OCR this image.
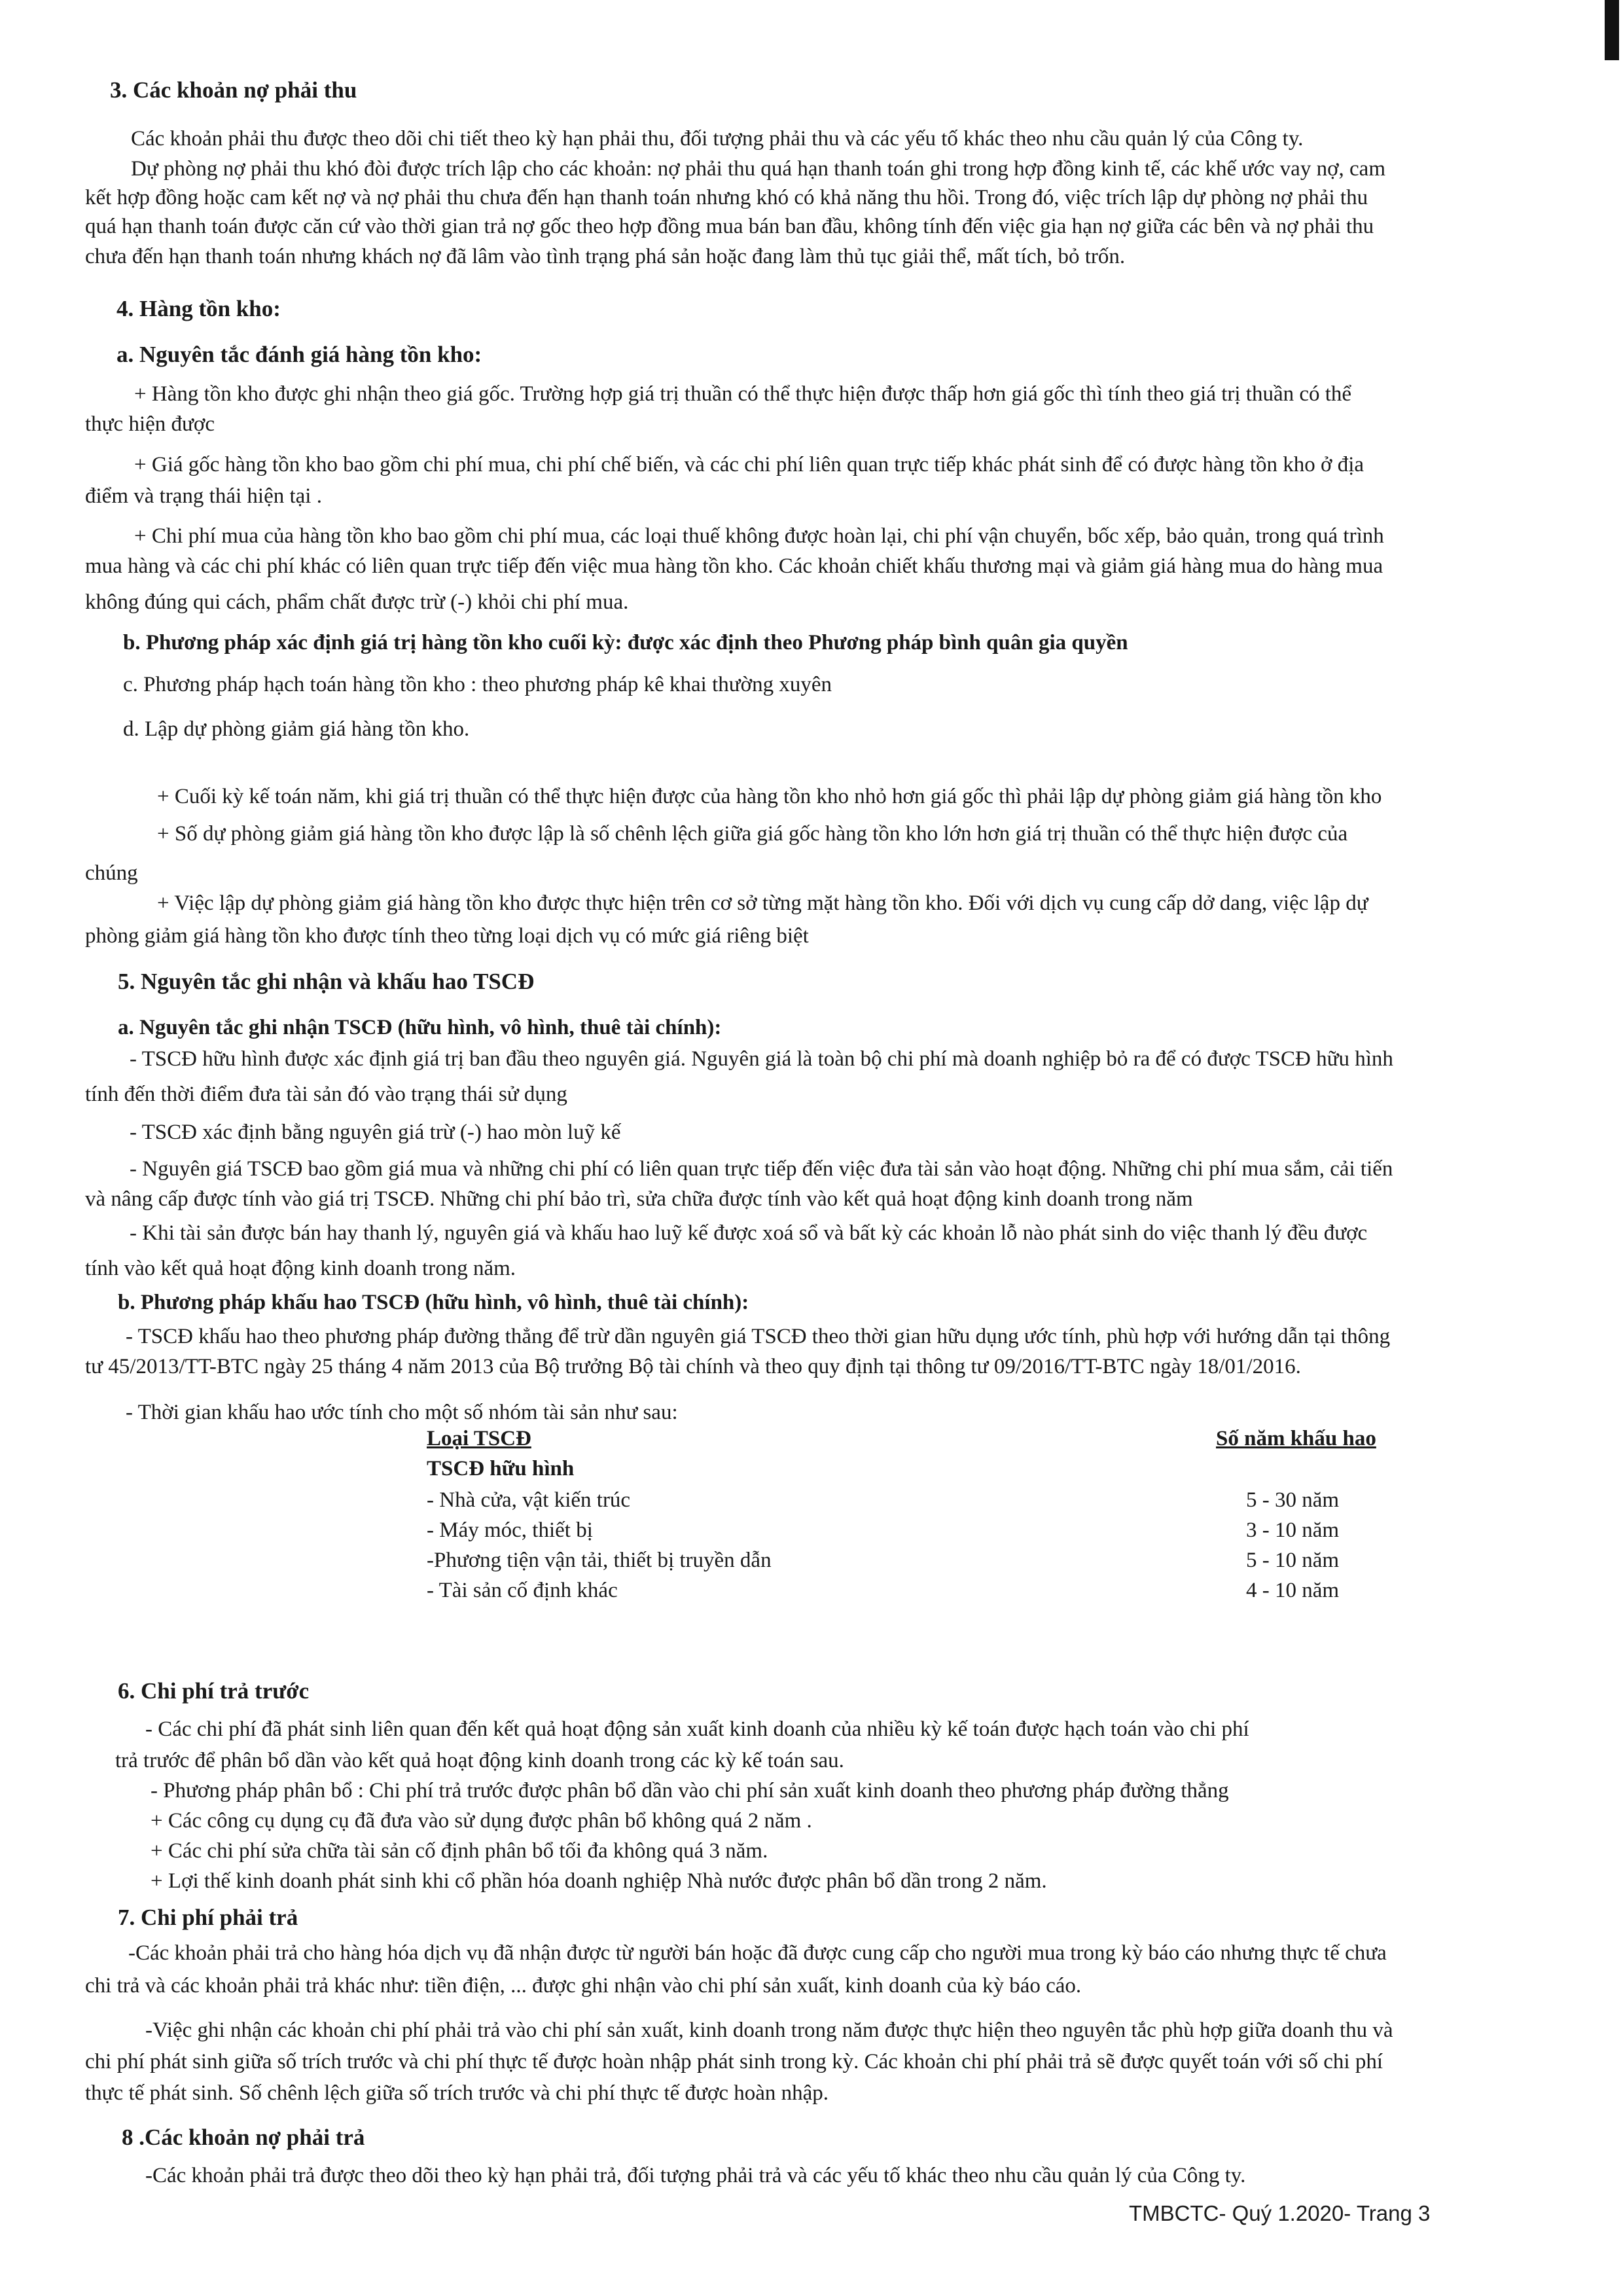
3. Các khoản nợ phải thu
Các khoản phải thu được theo dõi chi tiết theo kỳ hạn phải thu, đối tượng phải thu và các yếu tố khác theo nhu cầu quản lý của Công ty.
Dự phòng nợ phải thu khó đòi được trích lập cho các khoản: nợ phải thu quá hạn thanh toán ghi trong hợp đồng kinh tế, các khế ước vay nợ, cam
kết hợp đồng hoặc cam kết nợ và nợ phải thu chưa đến hạn thanh toán nhưng khó có khả năng thu hồi. Trong đó, việc trích lập dự phòng nợ phải thu
quá hạn thanh toán được căn cứ vào thời gian trả nợ gốc theo hợp đồng mua bán ban đầu, không tính đến việc gia hạn nợ giữa các bên và nợ phải thu
chưa đến hạn thanh toán nhưng khách nợ đã lâm vào tình trạng phá sản hoặc đang làm thủ tục giải thể, mất tích, bỏ trốn.
4. Hàng tồn kho:
a. Nguyên tắc đánh giá hàng tồn kho:
+ Hàng tồn kho được ghi nhận theo giá gốc. Trường hợp giá trị thuần có thể thực hiện được thấp hơn giá gốc thì tính theo giá trị thuần có thể
thực hiện được
+ Giá gốc hàng tồn kho bao gồm chi phí mua, chi phí chế biến, và các chi phí liên quan trực tiếp khác phát sinh để có được hàng tồn kho ở địa
điểm và trạng thái hiện tại .
+ Chi phí mua của hàng tồn kho bao gồm chi phí mua, các loại thuế không được hoàn lại, chi phí vận chuyển, bốc xếp, bảo quản, trong quá trình
mua hàng và các chi phí khác có liên quan trực tiếp đến việc mua hàng tồn kho. Các khoản chiết khấu thương mại và giảm giá hàng mua do hàng mua
không đúng qui cách, phẩm chất được trừ (-) khỏi chi phí mua.
b. Phương pháp xác định giá trị hàng tồn kho cuối kỳ: được xác định theo Phương pháp bình quân gia quyền
c. Phương pháp hạch toán hàng tồn kho : theo phương pháp kê khai thường xuyên
d. Lập dự phòng giảm giá hàng tồn kho.
+ Cuối kỳ kế toán năm, khi giá trị thuần có thể thực hiện được của hàng tồn kho nhỏ hơn giá gốc thì phải lập dự phòng giảm giá hàng tồn kho
+ Số dự phòng giảm giá hàng tồn kho được lập là số chênh lệch giữa giá gốc hàng tồn kho lớn hơn giá trị thuần có thể thực hiện được của
chúng
+ Việc lập dự phòng giảm giá hàng tồn kho được thực hiện trên cơ sở từng mặt hàng tồn kho. Đối với dịch vụ cung cấp dở dang, việc lập dự
phòng giảm giá hàng tồn kho được tính theo từng loại dịch vụ có mức giá riêng biệt
5. Nguyên tắc ghi nhận và khấu hao TSCĐ
a. Nguyên tắc ghi nhận TSCĐ (hữu hình, vô hình, thuê tài chính):
- TSCĐ hữu hình được xác định giá trị ban đầu theo nguyên giá. Nguyên giá là toàn bộ chi phí mà doanh nghiệp bỏ ra để có được TSCĐ hữu hình
tính đến thời điểm đưa tài sản đó vào trạng thái sử dụng
- TSCĐ xác định bằng nguyên giá trừ (-) hao mòn luỹ kế
- Nguyên giá TSCĐ bao gồm giá mua và những chi phí có liên quan trực tiếp đến việc đưa tài sản vào hoạt động. Những chi phí mua sắm, cải tiến
và nâng cấp được tính vào giá trị TSCĐ. Những chi phí bảo trì, sửa chữa được tính vào kết quả hoạt động kinh doanh trong năm
- Khi tài sản được bán hay thanh lý, nguyên giá và khấu hao luỹ kế được xoá sổ và bất kỳ các khoản lỗ nào phát sinh do việc thanh lý đều được
tính vào kết quả hoạt động kinh doanh trong năm.
b. Phương pháp khấu hao TSCĐ (hữu hình, vô hình, thuê tài chính):
- TSCĐ khấu hao theo phương pháp đường thẳng để trừ dần nguyên giá TSCĐ theo thời gian hữu dụng ước tính, phù hợp với hướng dẫn tại thông
tư 45/2013/TT-BTC ngày 25 tháng 4 năm 2013 của Bộ trưởng Bộ tài chính và theo quy định tại thông tư 09/2016/TT-BTC ngày 18/01/2016.
- Thời gian khấu hao ước tính cho một số nhóm tài sản như sau:
Loại TSCĐ	Số năm khấu hao
TSCĐ hữu hình
- Nhà cửa, vật kiến trúc	5 - 30 năm
- Máy móc, thiết bị	3 - 10 năm
-Phương tiện vận tải, thiết bị truyền dẫn	5 - 10 năm
- Tài sản cố định khác	4 - 10 năm
6. Chi phí trả trước
- Các chi phí đã phát sinh liên quan đến kết quả hoạt động sản xuất kinh doanh của nhiều kỳ kế toán được hạch toán vào chi phí
trả trước để phân bổ dần vào kết quả hoạt động kinh doanh trong các kỳ kế toán sau.
- Phương pháp phân bổ : Chi phí trả trước được phân bổ dần vào chi phí sản xuất kinh doanh theo phương pháp đường thẳng
+ Các công cụ dụng cụ đã đưa vào sử dụng được phân bổ không quá 2 năm .
+ Các chi phí sửa chữa tài sản cố định phân bổ tối đa không quá 3 năm.
+ Lợi thế kinh doanh phát sinh khi cổ phần hóa doanh nghiệp Nhà nước được phân bổ dần trong 2 năm.
7. Chi phí phải trả
-Các khoản phải trả cho hàng hóa dịch vụ đã nhận được từ người bán hoặc đã được cung cấp cho người mua trong kỳ báo cáo nhưng thực tế chưa
chi trả và các khoản phải trả khác như: tiền điện, ... được ghi nhận vào chi phí sản xuất, kinh doanh của kỳ báo cáo.
-Việc ghi nhận các khoản chi phí phải trả vào chi phí sản xuất, kinh doanh trong năm được thực hiện theo nguyên tắc phù hợp giữa doanh thu và
chi phí phát sinh giữa số trích trước và chi phí thực tế được hoàn nhập phát sinh trong kỳ. Các khoản chi phí phải trả sẽ được quyết toán với số chi phí
thực tế phát sinh. Số chênh lệch giữa số trích trước và chi phí thực tế được hoàn nhập.
8 .Các khoản nợ phải trả
-Các khoản phải trả được theo dõi theo kỳ hạn phải trả, đối tượng phải trả và các yếu tố khác theo nhu cầu quản lý của Công ty.
TMBCTC- Quý 1.2020- Trang 3
